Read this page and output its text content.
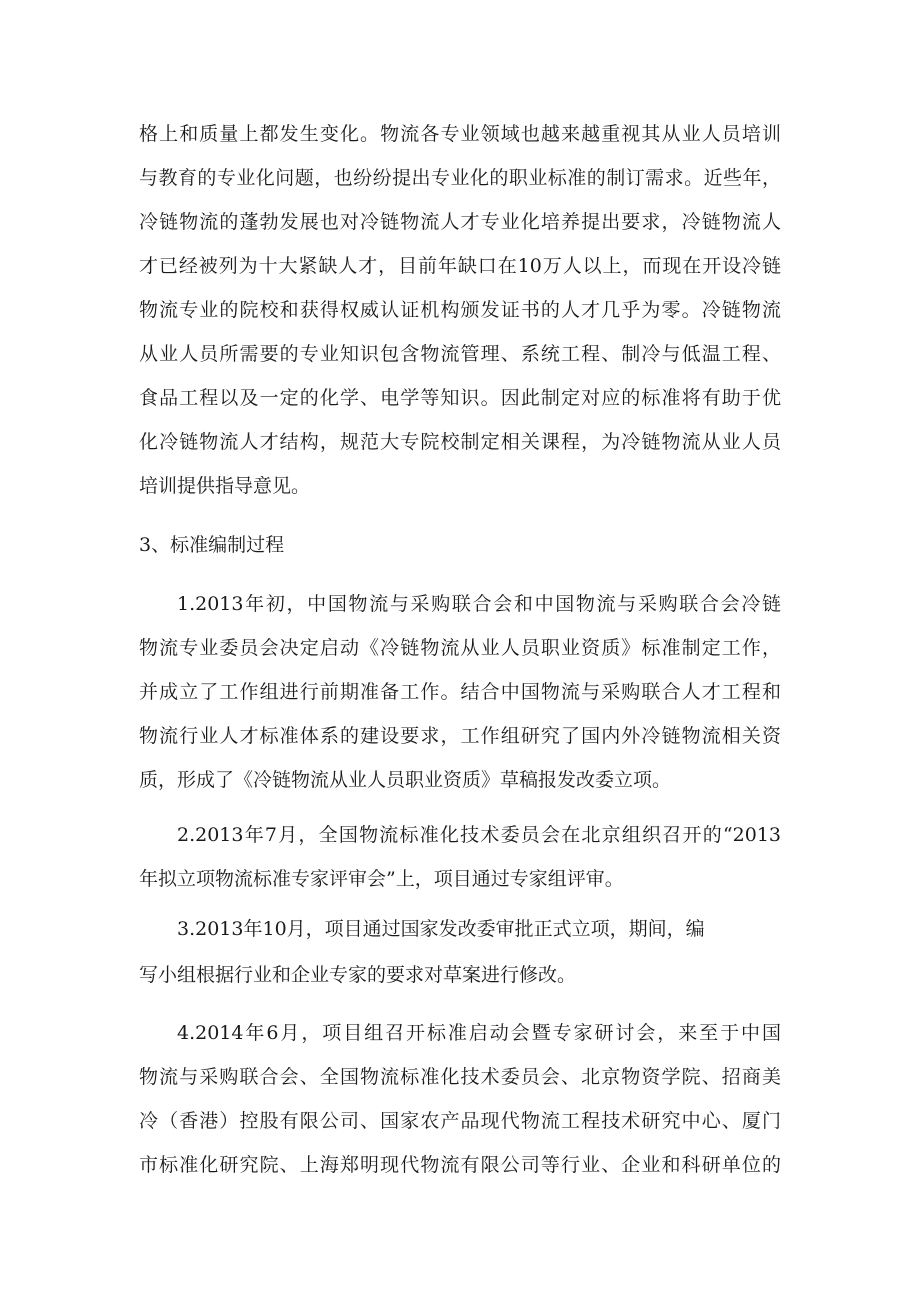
格上和质量上都发生变化。物流各专业领域也越来越重视其从业人员培训
与教育的专业化问题，也纷纷提出专业化的职业标准的制订需求。近些年，
冷链物流的蓬勃发展也对冷链物流人才专业化培养提出要求，冷链物流人
才已经被列为十大紧缺人才，目前年缺口在10万人以上，而现在开设冷链
物流专业的院校和获得权威认证机构颁发证书的人才几乎为零。冷链物流
从业人员所需要的专业知识包含物流管理、系统工程、制冷与低温工程、
食品工程以及一定的化学、电学等知识。因此制定对应的标准将有助于优
化冷链物流人才结构，规范大专院校制定相关课程，为冷链物流从业人员
培训提供指导意见。
3、标准编制过程
1.2013年初，中国物流与采购联合会和中国物流与采购联合会冷链
物流专业委员会决定启动《冷链物流从业人员职业资质》标准制定工作，
并成立了工作组进行前期准备工作。结合中国物流与采购联合人才工程和
物流行业人才标准体系的建设要求，工作组研究了国内外冷链物流相关资
质，形成了《冷链物流从业人员职业资质》草稿报发改委立项。
2.2013年7月，全国物流标准化技术委员会在北京组织召开的“2013
年拟立项物流标准专家评审会”上，项目通过专家组评审。
3.2013年10月，项目通过国家发改委审批正式立项，期间，编
写小组根据行业和企业专家的要求对草案进行修改。
4.2014年6月，项目组召开标准启动会暨专家研讨会，来至于中国
物流与采购联合会、全国物流标准化技术委员会、北京物资学院、招商美
冷（香港）控股有限公司、国家农产品现代物流工程技术研究中心、厦门
市标准化研究院、上海郑明现代物流有限公司等行业、企业和科研单位的
